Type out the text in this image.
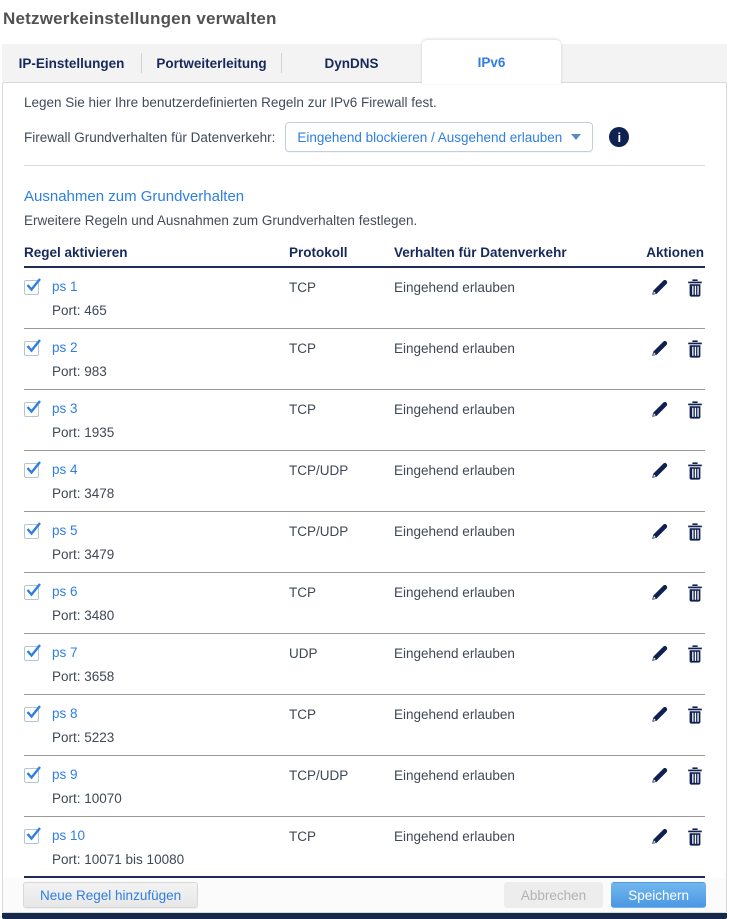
Netzwerkeinstellungen verwalten
IP-Einstellungen	Portweiterleitung	DynDNS	IPv6
Legen Sie hier Ihre benutzerdefinierten Regeln zur IPv6 Firewall fest.
Firewall Grundverhalten für Datenverkehr: Eingehend blockieren / Ausgehend erlauben	i
Ausnahmen zum Grundverhalten
Erweitere Regeln und Ausnahmen zum Grundverhalten festlegen.
Regel aktivieren	Protokoll	Verhalten für Datenverkehr	Aktionen
ps 1
Port: 465
TCP	Eingehend erlauben
ps 2
Port: 983
TCP	Eingehend erlauben
ps 3
Port: 1935
TCP	Eingehend erlauben
ps 4
Port: 3478
TCP/UDP	Eingehend erlauben
ps 5
Port: 3479
TCP/UDP	Eingehend erlauben
ps 6
Port: 3480
TCP	Eingehend erlauben
ps 7
Port: 3658
UDP	Eingehend erlauben
ps 8
Port: 5223
TCP	Eingehend erlauben
ps 9
Port: 10070
TCP/UDP	Eingehend erlauben
ps 10
Port: 10071 bis 10080
TCP	Eingehend erlauben
Neue Regel hinzufügen	Abbrechen	Speichern
